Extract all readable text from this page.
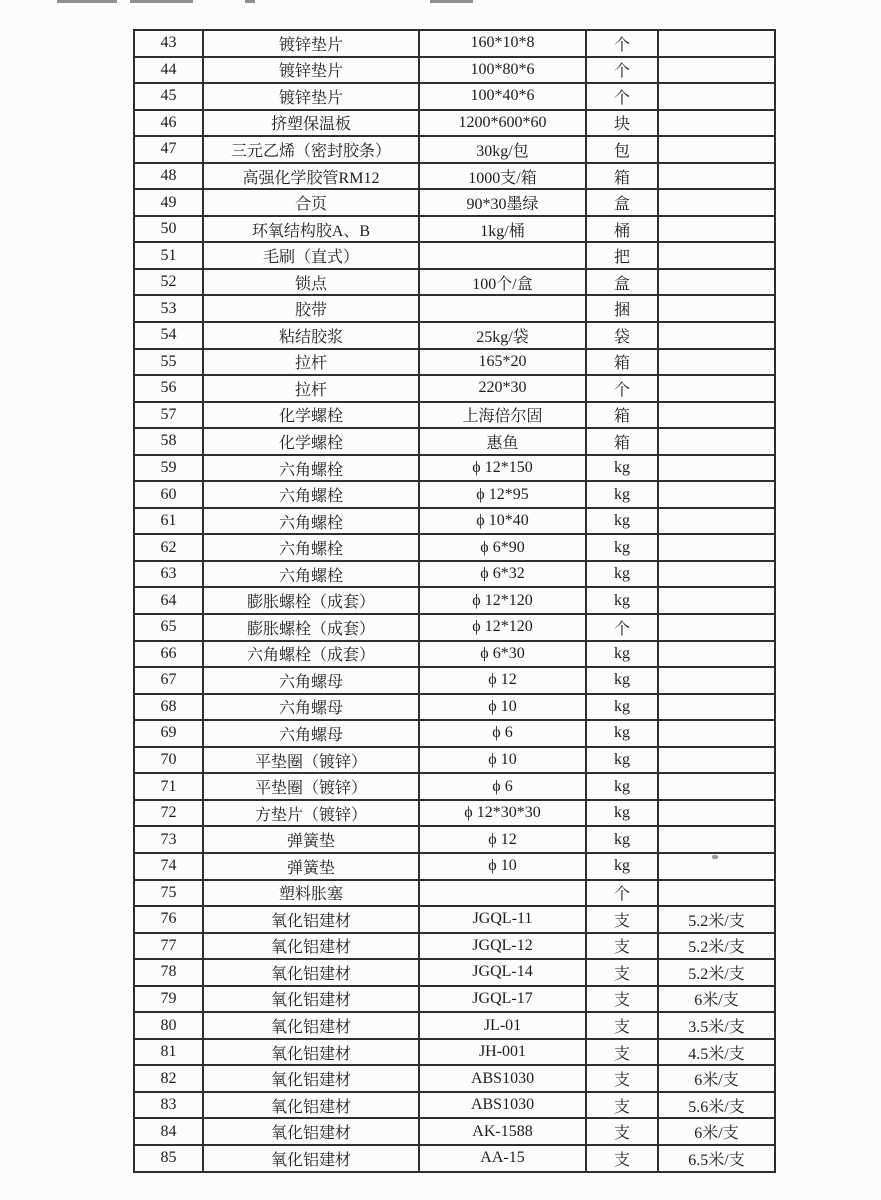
43	镀锌垫片	160*10*8	个	
44	镀锌垫片	100*80*6	个	
45	镀锌垫片	100*40*6	个	
46	挤塑保温板	1200*600*60	块	
47	三元乙烯（密封胶条）	30kg/包	包	
48	高强化学胶管RM12	1000支/箱	箱	
49	合页	90*30墨绿	盒	
50	环氧结构胶A、B	1kg/桶	桶	
51	毛刷（直式）		把	
52	锁点	100个/盒	盒	
53	胶带		捆	
54	粘结胶浆	25kg/袋	袋	
55	拉杆	165*20	箱	
56	拉杆	220*30	个	
57	化学螺栓	上海倍尔固	箱	
58	化学螺栓	惠鱼	箱	
59	六角螺栓	ϕ 12*150	kg	
60	六角螺栓	ϕ 12*95	kg	
61	六角螺栓	ϕ 10*40	kg	
62	六角螺栓	ϕ 6*90	kg	
63	六角螺栓	ϕ 6*32	kg	
64	膨胀螺栓（成套）	ϕ 12*120	kg	
65	膨胀螺栓（成套）	ϕ 12*120	个	
66	六角螺栓（成套）	ϕ 6*30	kg	
67	六角螺母	ϕ 12	kg	
68	六角螺母	ϕ 10	kg	
69	六角螺母	ϕ 6	kg	
70	平垫圈（镀锌）	ϕ 10	kg	
71	平垫圈（镀锌）	ϕ 6	kg	
72	方垫片（镀锌）	ϕ 12*30*30	kg	
73	弹簧垫	ϕ 12	kg	
74	弹簧垫	ϕ 10	kg	
75	塑料胀塞		个	
76	氧化铝建材	JGQL-11	支	5.2米/支
77	氧化铝建材	JGQL-12	支	5.2米/支
78	氧化铝建材	JGQL-14	支	5.2米/支
79	氧化铝建材	JGQL-17	支	6米/支
80	氧化铝建材	JL-01	支	3.5米/支
81	氧化铝建材	JH-001	支	4.5米/支
82	氧化铝建材	ABS1030	支	6米/支
83	氧化铝建材	ABS1030	支	5.6米/支
84	氧化铝建材	AK-1588	支	6米/支
85	氧化铝建材	AA-15	支	6.5米/支
